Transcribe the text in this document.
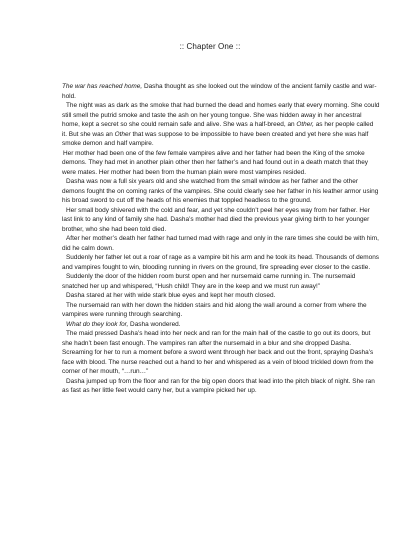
:: Chapter One ::

The war has reached home, Dasha thought as she looked out the window of the ancient family castle and war-hold.

The night was as dark as the smoke that had burned the dead and homes early that every morning. She could still smell the putrid smoke and taste the ash on her young tongue. She was hidden away in her ancestral home, kept a secret so she could remain safe and alive. She was a half-breed, an Other, as her people called it. But she was an Other that was suppose to be impossible to have been created and yet here she was half smoke demon and half vampire.

Her mother had been one of the few female vampires alive and her father had been the King of the smoke demons. They had met in another plain other then her father’s and had found out in a death match that they were mates. Her mother had been from the human plain were most vampires resided.

Dasha was now a full six years old and she watched from the small window as her father and the other demons fought the on coming ranks of the vampires. She could clearly see her father in his leather armor using his broad sword to cut off the heads of his enemies that toppled headless to the ground.

Her small body shivered with the cold and fear, and yet she couldn’t peel her eyes way from her father. Her last link to any kind of family she had. Dasha’s mother had died the previous year giving birth to her younger brother, who she had been told died.

After her mother’s death her father had turned mad with rage and only in the rare times she could be with him, did he calm down.

Suddenly her father let out a roar of rage as a vampire bit his arm and he took its head. Thousands of demons and vampires fought to win, blooding running in rivers on the ground, fire spreading ever closer to the castle.

Suddenly the door of the hidden room burst open and her nursemaid came running in. The nursemaid snatched her up and whispered, “Hush child! They are in the keep and we must run away!”

Dasha stared at her with wide stark blue eyes and kept her mouth closed.

The nursemaid ran with her down the hidden stairs and hid along the wall around a corner from where the vampires were running through searching.

What do they look for, Dasha wondered.

The maid pressed Dasha’s head into her neck and ran for the main hall of the castle to go out its doors, but she hadn’t been fast enough. The vampires ran after the nursemaid in a blur and she dropped Dasha. Screaming for her to run a moment before a sword went through her back and out the front, spraying Dasha’s face with blood. The nurse reached out a hand to her and whispered as a vein of blood trickled down from the corner of her mouth, “…run…”

Dasha jumped up from the floor and ran for the big open doors that lead into the pitch black of night. She ran as fast as her little feet would carry her, but a vampire picked her up.
